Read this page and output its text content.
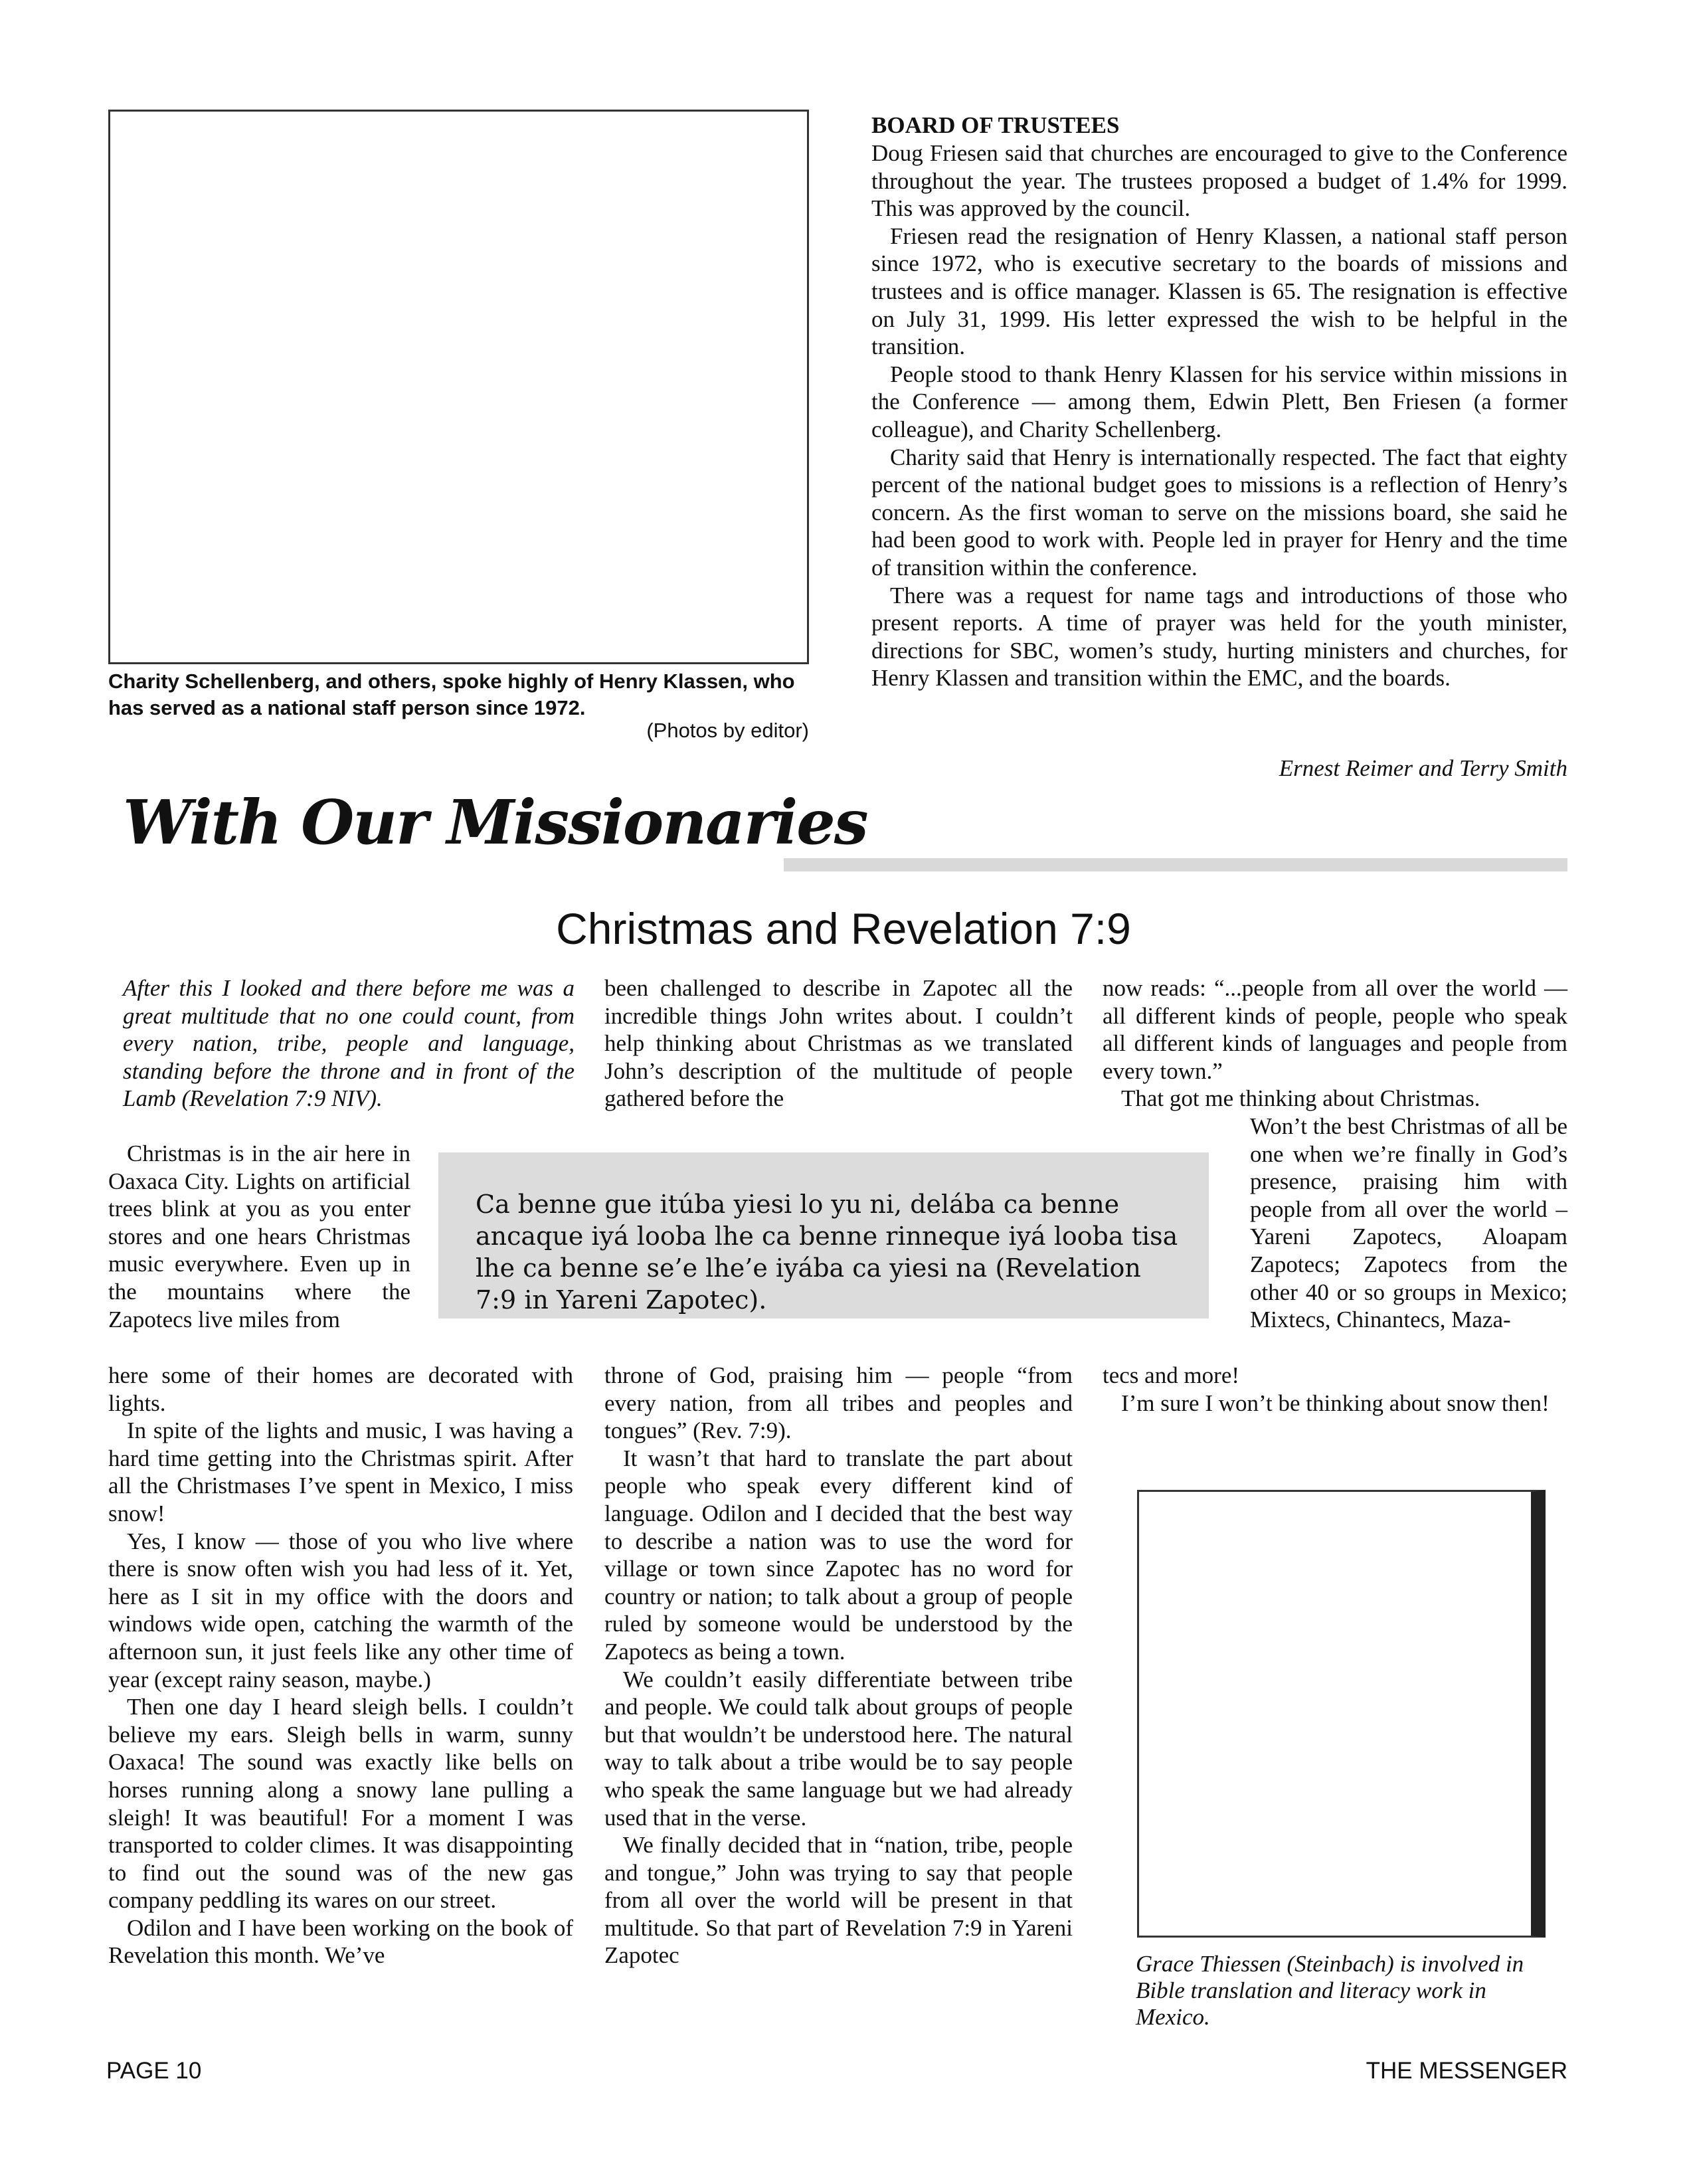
Charity Schellenberg, and others, spoke highly of Henry Klassen, who has served as a national staff person since 1972.
(Photos by editor)
BOARD OF TRUSTEES

Doug Friesen said that churches are encouraged to give to the Conference throughout the year. The trustees proposed a budget of 1.4% for 1999. This was approved by the council.

Friesen read the resignation of Henry Klassen, a national staff person since 1972, who is executive secretary to the boards of missions and trustees and is office manager. Klassen is 65. The resignation is effective on July 31, 1999. His letter expressed the wish to be helpful in the transition.

People stood to thank Henry Klassen for his service within missions in the Conference — among them, Edwin Plett, Ben Friesen (a former colleague), and Charity Schellenberg.

Charity said that Henry is internationally respected. The fact that eighty percent of the national budget goes to missions is a reflection of Henry’s concern. As the first woman to serve on the missions board, she said he had been good to work with. People led in prayer for Henry and the time of transition within the conference.

There was a request for name tags and introductions of those who present reports. A time of prayer was held for the youth minister, directions for SBC, women’s study, hurting ministers and churches, for Henry Klassen and transition within the EMC, and the boards.

Ernest Reimer and Terry Smith
With Our Missionaries
Christmas and Revelation 7:9
After this I looked and there before me was a great multitude that no one could count, from every nation, tribe, people and language, standing before the throne and in front of the Lamb (Revelation 7:9 NIV).

Christmas is in the air here in Oaxaca City. Lights on artificial trees blink at you as you enter stores and one hears Christmas music everywhere. Even up in the mountains where the Zapotecs live miles from

here some of their homes are decorated with lights.

In spite of the lights and music, I was having a hard time getting into the Christmas spirit. After all the Christmases I’ve spent in Mexico, I miss snow!

Yes, I know — those of you who live where there is snow often wish you had less of it. Yet, here as I sit in my office with the doors and windows wide open, catching the warmth of the afternoon sun, it just feels like any other time of year (except rainy season, maybe.)

Then one day I heard sleigh bells. I couldn’t believe my ears. Sleigh bells in warm, sunny Oaxaca! The sound was exactly like bells on horses running along a snowy lane pulling a sleigh! It was beautiful! For a moment I was transported to colder climes. It was disappointing to find out the sound was of the new gas company peddling its wares on our street.

Odilon and I have been working on the book of Revelation this month. We’ve

been challenged to describe in Zapotec all the incredible things John writes about. I couldn’t help thinking about Christmas as we translated John’s description of the multitude of people gathered before the

throne of God, praising him — people “from every nation, from all tribes and peoples and tongues” (Rev. 7:9).

It wasn’t that hard to translate the part about people who speak every different kind of language. Odilon and I decided that the best way to describe a nation was to use the word for village or town since Zapotec has no word for country or nation; to talk about a group of people ruled by someone would be understood by the Zapotecs as being a town.

We couldn’t easily differentiate between tribe and people. We could talk about groups of people but that wouldn’t be understood here. The natural way to talk about a tribe would be to say people who speak the same language but we had already used that in the verse.

We finally decided that in “nation, tribe, people and tongue,” John was trying to say that people from all over the world will be present in that multitude. So that part of Revelation 7:9 in Yareni Zapotec

Ca benne gue itúba yiesi lo yu ni, delába ca benne ancaque iyá looba lhe ca benne rinneque iyá looba tisa lhe ca benne se’e lhe’e iyába ca yiesi na (Revelation 7:9 in Yareni Zapotec).

now reads: “...people from all over the world — all different kinds of people, people who speak all different kinds of languages and people from every town.”

That got me thinking about Christmas.

Won’t the best Christmas of all be one when we’re finally in God’s presence, praising him with people from all over the world – Yareni Zapotecs, Aloapam Zapotecs; Zapotecs from the other 40 or so groups in Mexico; Mixtecs, Chinantecs, Maza-

tecs and more!

I’m sure I won’t be thinking about snow then!

Grace Thiessen (Steinbach) is involved in Bible translation and literacy work in Mexico.
PAGE 10	THE MESSENGER
